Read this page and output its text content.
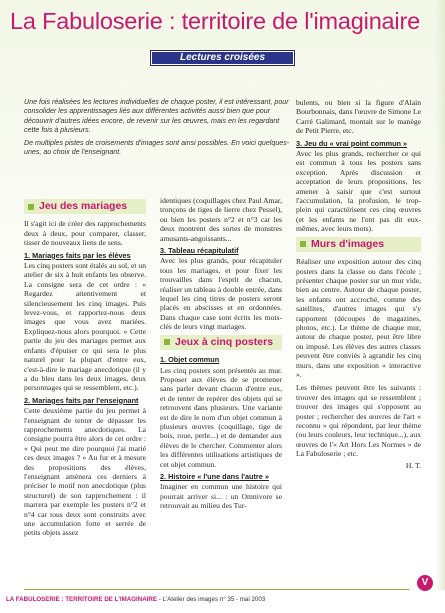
La Fabuloserie : territoire de l'imaginaire
Lectures croisées

Une fois réalisées les lectures individuelles de chaque poster, il est intéressant, pour consolider les apprentissages liés aux différentes activités aussi bien que pour découvrir d'autres idées encore, de revenir sur les œuvres, mais en les regardant cette fois à plusieurs.

De multiples pistes de croisements d'images sont ainsi possibles. En voici quelques-unes, au choix de l'enseignant.

Jeu des mariages

Il s'agit ici de créer des rapprochements deux à deux, pour comparer, classer, tisser de nouveaux liens de sens.

1. Mariages faits par les élèves

Les cinq posters sont étalés au sol, et un atelier de six à huit enfants les observe. La consigne sera de cet ordre : « Regardez attentivement et silencieusement les cinq images. Puis levez-vous, et rapportez-nous deux images que vous avez mariées. Expliquez-nous alors pourquoi. » Cette partie du jeu des mariages permet aux enfants d'épuiser ce qui sera le plus naturel pour la plupart d'entre eux, c'est-à-dire le mariage anecdotique (il y a du bleu dans les deux images, deux personnages qui se ressemblent, etc.).

2. Mariages faits par l'enseignant

Cette deuxième partie du jeu permet à l'enseignant de tenter de dépasser les rapprochements anecdotiques. La consigne pourra être alors de cet ordre : « Qui peut me dire pourquoi j'ai marié ces deux images ? » Au fur et à mesure des propositions des élèves, l'enseignant amènera ces derniers à préciser le motif non anecdotique (plus structurel) de son rapprochement : il marrera par exemple les posters n°2 et n°4 car tous deux sont construits avec une accumulation forte et serrée de petits objets assez

identiques (coquillages chez Paul Amar, tronçons de tiges de lierre chez Pessel), ou bien les posters n°2 et n°3 car les deux montrent des sortes de monstres amusants-angoissants...

3. Tableau récapitulatif

Avec les plus grands, pour récapituler tous les mariages, et pour fixer les trouvailles dans l'esprit de chacun, réaliser un tableau à double entrée, dans lequel les cinq titres de posters seront placés en abscisses et en ordonnées. Dans chaque case sont écrits les mots-clés de leurs vingt mariages.

Jeux à cinq posters
1. Objet commun

Les cinq posters sont présentés au mur. Proposer aux élèves de se promener sans parler devant chacun d'entre eux, et de tenter de repérer des objets qui se retrouvent dans plusieurs. Une variante est de dire le nom d'un objet commun à plusieurs œuvres (coquillage, tige de bois, roue, perle...) et de demander aux élèves de le chercher. Commenter alors les différentes utilisations artistiques de cet objet commun.

2. Histoire « l'une dans l'autre »

Imaginer en commun une histoire qui pourrait arriver si... : un Omnivore se retrouvait au milieu des Tur-

bulents, ou bien si la figure d'Alain Bourbonnais, dans l'œuvre de Simone Le Carré Galimard, montait sur le manège de Petit Pierre, etc.

3. Jeu du « vrai point commun »

Avec les plus grands, rechercher ce qui est commun à tous les posters sans exception. Après discussion et acceptation de leurs propositions, les amener à saisir que c'est surtout l'accumulation, la profusion, le trop-plein qui caractérisent ces cinq œuvres (et les enfants ne l'ont pas dit eux-mêmes, avec leurs mots).

Murs d'images

Réaliser une exposition autour des cinq posters dans la classe ou dans l'école ; présenter chaque poster sur un mur vide, bien au centre. Autour de chaque poster, les enfants ont accroché, comme des satellites, d'autres images qui s'y rapportent (découpes de magazines, photos, etc.). Le thème de chaque mur, autour de chaque poster, peut être libre ou imposé. Les élèves des autres classes peuvent être conviés à agrandir les cinq murs, dans une exposition « interactive ».

Les thèmes peuvent être les suivants : trouver des images qui se ressemblent ; trouver des images qui s'opposent au poster ; rechercher des œuvres de l'art « reconnu » qui répondent, par leur thème (ou leurs couleurs, leur technique...), aux œuvres de l'« Art Hors Les Normes » de La Fabuloserie ; etc.

H. T.

LA FABULOSERIE : TERRITOIRE DE L'IMAGINAIRE - L'Atelier des images n° 35 - mai 2003
V
